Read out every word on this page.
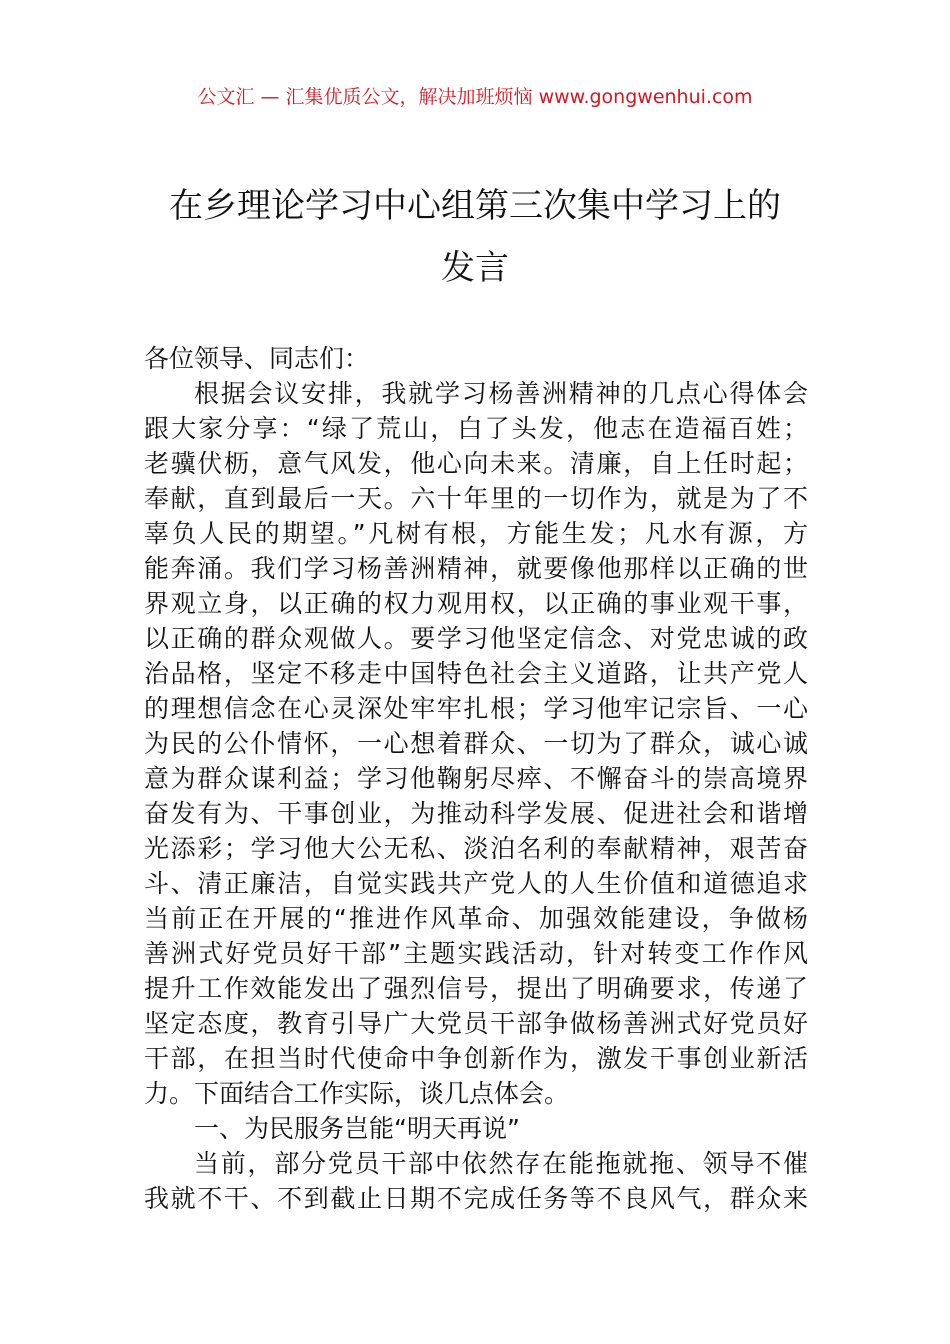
公文汇 — 汇集优质公文，解决加班烦恼 www.gongwenhui.com
在乡理论学习中心组第三次集中学习上的
发言
各位领导、同志们：
根据会议安排，我就学习杨善洲精神的几点心得体会
跟大家分享：“绿了荒山，白了头发，他志在造福百姓；
老骥伏枥，意气风发，他心向未来。清廉，自上任时起；
奉献，直到最后一天。六十年里的一切作为，就是为了不
辜负人民的期望。”凡树有根，方能生发；凡水有源，方
能奔涌。我们学习杨善洲精神，就要像他那样以正确的世
界观立身，以正确的权力观用权，以正确的事业观干事，
以正确的群众观做人。要学习他坚定信念、对党忠诚的政
治品格，坚定不移走中国特色社会主义道路，让共产党人
的理想信念在心灵深处牢牢扎根；学习他牢记宗旨、一心
为民的公仆情怀，一心想着群众、一切为了群众，诚心诚
意为群众谋利益；学习他鞠躬尽瘁、不懈奋斗的崇高境界
奋发有为、干事创业，为推动科学发展、促进社会和谐增
光添彩；学习他大公无私、淡泊名利的奉献精神，艰苦奋
斗、清正廉洁，自觉实践共产党人的人生价值和道德追求
当前正在开展的“推进作风革命、加强效能建设，争做杨
善洲式好党员好干部”主题实践活动，针对转变工作作风
提升工作效能发出了强烈信号，提出了明确要求，传递了
坚定态度，教育引导广大党员干部争做杨善洲式好党员好
干部，在担当时代使命中争创新作为，激发干事创业新活
力。下面结合工作实际，谈几点体会。
一、为民服务岂能“明天再说”
当前，部分党员干部中依然存在能拖就拖、领导不催
我就不干、不到截止日期不完成任务等不良风气，群众来
